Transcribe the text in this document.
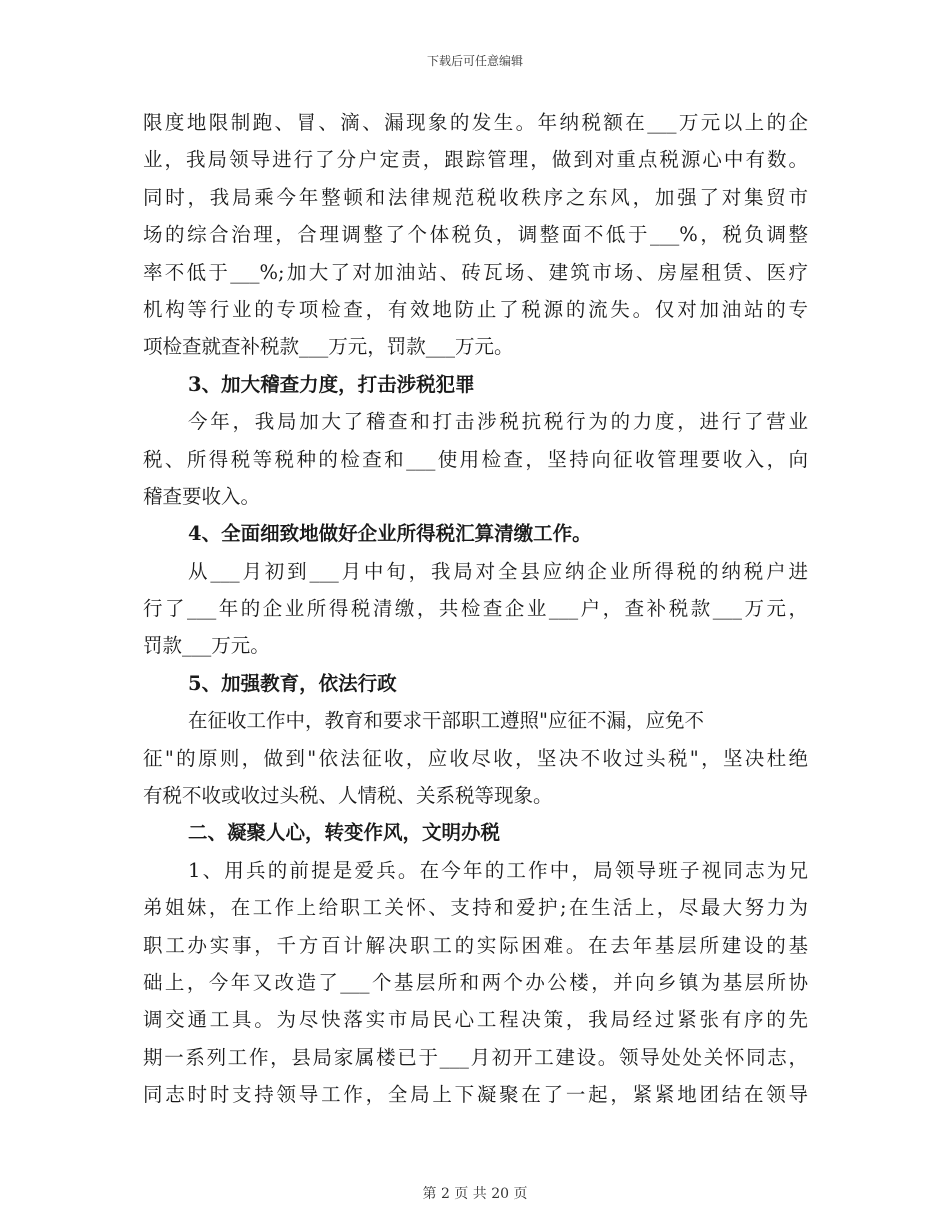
下载后可任意编辑
限度地限制跑、冒、滴、漏现象的发生。年纳税额在___万元以上的企
业，我局领导进行了分户定责，跟踪管理，做到对重点税源心中有数。
同时，我局乘今年整顿和法律规范税收秩序之东风，加强了对集贸市
场的综合治理，合理调整了个体税负，调整面不低于___%，税负调整
率不低于___%;加大了对加油站、砖瓦场、建筑市场、房屋租赁、医疗
机构等行业的专项检查，有效地防止了税源的流失。仅对加油站的专
项检查就查补税款___万元，罚款___万元。
3、加大稽查力度，打击涉税犯罪
今年，我局加大了稽查和打击涉税抗税行为的力度，进行了营业
税、所得税等税种的检查和___使用检查，坚持向征收管理要收入，向
稽查要收入。
4、全面细致地做好企业所得税汇算清缴工作。
从___月初到___月中旬，我局对全县应纳企业所得税的纳税户进
行了___年的企业所得税清缴，共检查企业___户，查补税款___万元，
罚款___万元。
5、加强教育，依法行政
在征收工作中，教育和要求干部职工遵照"应征不漏，应免不
征"的原则，做到"依法征收，应收尽收，坚决不收过头税"，坚决杜绝
有税不收或收过头税、人情税、关系税等现象。
二、凝聚人心，转变作风，文明办税
1、用兵的前提是爱兵。在今年的工作中，局领导班子视同志为兄
弟姐妹，在工作上给职工关怀、支持和爱护;在生活上，尽最大努力为
职工办实事，千方百计解决职工的实际困难。在去年基层所建设的基
础上，今年又改造了___个基层所和两个办公楼，并向乡镇为基层所协
调交通工具。为尽快落实市局民心工程决策，我局经过紧张有序的先
期一系列工作，县局家属楼已于___月初开工建设。领导处处关怀同志，
同志时时支持领导工作，全局上下凝聚在了一起，紧紧地团结在领导
第 2 页 共 20 页
